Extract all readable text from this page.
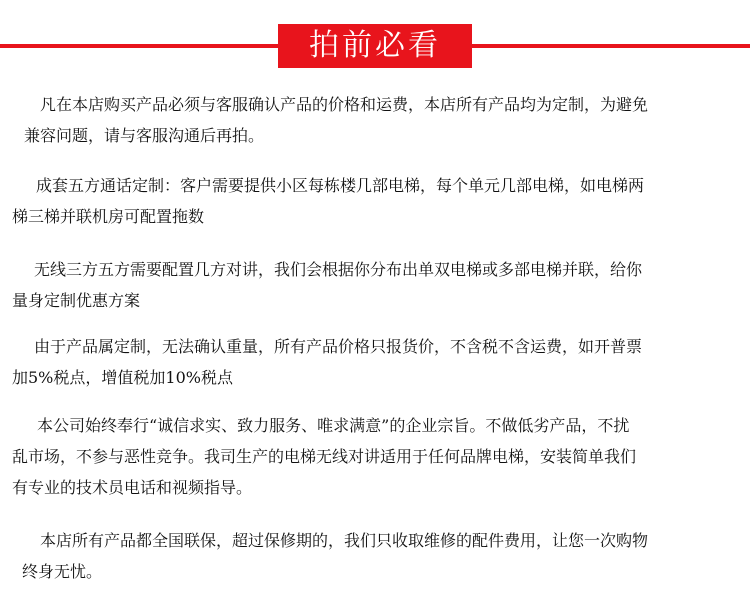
拍前必看

凡在本店购买产品必须与客服确认产品的价格和运费，本店所有产品均为定制，为避免
兼容问题，请与客服沟通后再拍。

成套五方通话定制：客户需要提供小区每栋楼几部电梯，每个单元几部电梯，如电梯两
梯三梯并联机房可配置拖数

无线三方五方需要配置几方对讲，我们会根据你分布出单双电梯或多部电梯并联，给你
量身定制优惠方案

由于产品属定制，无法确认重量，所有产品价格只报货价，不含税不含运费，如开普票
加5%税点，增值税加10%税点

本公司始终奉行“诚信求实、致力服务、唯求满意”的企业宗旨。不做低劣产品，不扰
乱市场，不参与恶性竞争。我司生产的电梯无线对讲适用于任何品牌电梯，安装简单我们
有专业的技术员电话和视频指导。

本店所有产品都全国联保，超过保修期的，我们只收取维修的配件费用，让您一次购物
终身无忧。
